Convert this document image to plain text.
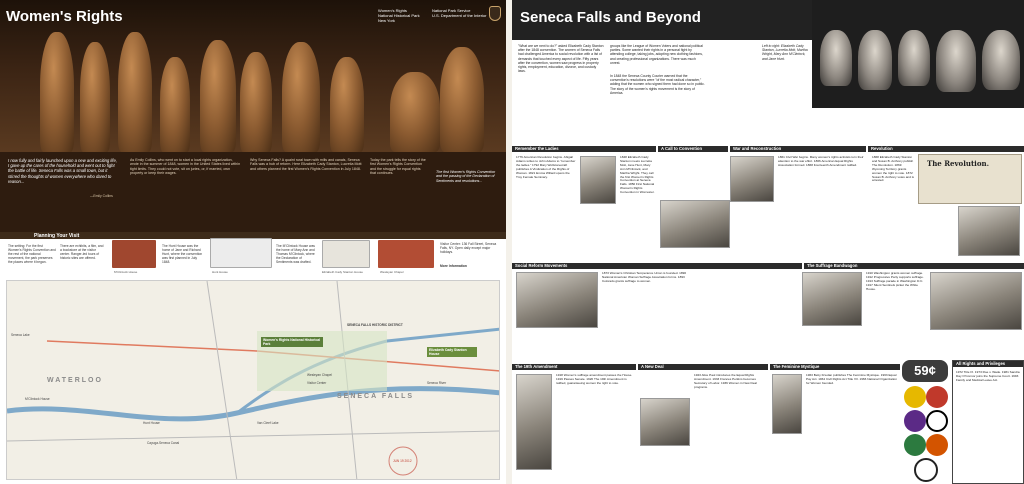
Women's Rights	Women's Rights
National Historical Park
New York
National Park Service
U.S. Department of the Interior
I now fully and fairly launched upon a new and exciting life, I gave up the cares of the household and went out to fight the battle of life. Seneca Falls was a small town, but it stirred the thoughts of women everywhere who dared to reason...
—Emily Collins
As Emily Collins, who went on to start a local rights organization, wrote in the summer of 1848, women in the United States lived within tight limits. They could not vote, sit on juries, or, if married, own property or keep their wages.
Why Seneca Falls? A quaint rural town with mills and canals, Seneca Falls was a hub of reform. Here Elizabeth Cady Stanton, Lucretia Mott and others planned the first Women's Rights Convention in July 1848.
Today the park tells the story of the first Women's Rights Convention and the struggle for equal rights that continues.	The first Women's Rights Convention and the passing of the Declaration of Sentiments and resolutions...
Planning Your Visit
The setting: For the first Women's Rights Convention and the rest of the national movement, the park preserves the places where it began.
There are exhibits, a film, and a bookstore at the visitor center. Ranger-led tours of historic sites are offered.
M'Clintock House
The Hunt House was the home of Jane and Richard Hunt, where the convention was first planned in July 1848.
Hunt House
The M'Clintock House was the home of Mary Ann and Thomas M'Clintock, where the Declaration of Sentiments was drafted.
Elizabeth Cady Stanton House	Wesleyan Chapel
Visitor Center: 136 Fall Street, Seneca Falls, NY. Open daily except major holidays.
More Information
WATERLOO
SENECA FALLS
Women's Rights National Historical Park
Elizabeth Cady Stanton House
SENECA FALLS HISTORIC DISTRICT
M'Clintock House
Hunt House
Wesleyan Chapel
Visitor Center
Seneca Lake
Van Cleef Lake
Cayuga-Seneca Canal
Seneca River
JUN 19 2012
Seneca Falls and Beyond
"What are we next to do?" asked Elizabeth Cady Stanton after the 1848 convention. The women of Seneca Falls had challenged America to social revolution with a list of demands that touched every aspect of life. Fifty years after the convention, women saw progress in property rights, employment, education, divorce, and custody laws.
groups like the League of Women Voters and national political parties. Some wanted their rights in a personal fight by attending college, taking jobs, adopting new clothing fashions, and creating professional organizations. There was much unrest.
In 1848 the Seneca County Courier warned that the convention's resolutions were "of the most radical character," adding that the women who signed them had done so in public. The story of the women's rights movement is the story of America.
Left to right: Elizabeth Cady Stanton, Lucretia Mott, Martha Wright, Mary Ann M'Clintock, and Jane Hunt.
Remember the Ladies	A Call to Convention	War and Reconstruction	Revolution
1776 American Revolution begins. Abigail Adams writes to John Adams to "remember the ladies." 1792 Mary Wollstonecraft publishes A Vindication of the Rights of Woman. 1821 Emma Willard opens the Troy Female Seminary.
1848 Elizabeth Cady Stanton meets Lucretia Mott, Jane Hunt, Mary Ann M'Clintock, and Martha Wright. They call the first Women's Rights Convention at Seneca Falls. 1850 First National Woman's Rights Convention in Worcester.
1861 Civil War begins. Many women's rights activists turn their attention to the war effort. 1866 American Equal Rights Association formed. 1868 Fourteenth Amendment ratified.
1868 Elizabeth Cady Stanton and Susan B. Anthony publish The Revolution. 1869 Wyoming Territory grants women the right to vote. 1872 Susan B. Anthony votes and is arrested.
The Revolution.
Social Reform Movements	The Suffrage Bandwagon
1873 Woman's Christian Temperance Union is founded. 1890 National American Woman Suffrage Association forms. 1893 Colorado grants suffrage to women.
1910 Washington grants women suffrage. 1912 Progressive Party supports suffrage. 1913 Suffrage parade in Washington D.C. 1917 Silent Sentinels picket the White House.
The 19th Amendment	A New Deal	The Feminine Mystique
All Rights and Privileges
1972 Title IX. 1973 Roe v. Wade. 1981 Sandra Day O'Connor joins the Supreme Court. 1993 Family and Medical Leave Act.
1918 Women's suffrage amendment passes the House. 1919 Passes Senate. 1920 The 19th Amendment is ratified, guaranteeing women the right to vote.
1923 Alice Paul introduces the Equal Rights Amendment. 1933 Frances Perkins becomes Secretary of Labor. 1936 Women in New Deal programs.
1963 Betty Friedan publishes The Feminine Mystique. 1963 Equal Pay Act. 1964 Civil Rights Act Title VII. 1966 National Organization for Women founded.
59¢
